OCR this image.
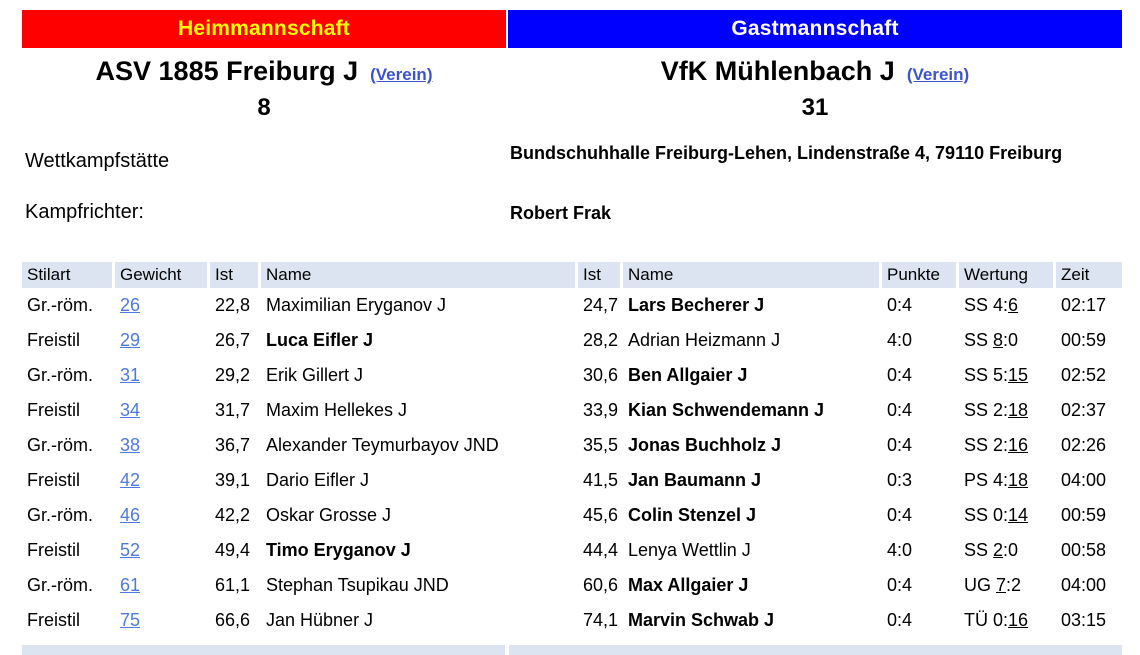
Heimmannschaft	Gastmannschaft
ASV 1885 Freiburg J (Verein)	VfK Mühlenbach J (Verein)
8	31
Wettkampfstätte	Bundschuhhalle Freiburg-Lehen, Lindenstraße 4, 79110 Freiburg
Kampfrichter:	Robert Frak
Stilart	Gewicht	Ist	Name	Ist	Name	Punkte	Wertung	Zeit
Gr.-röm.	26	22,8	Maximilian Eryganov J	24,7	Lars Becherer J	0:4	SS 4:6	02:17
Freistil	29	26,7	Luca Eifler J	28,2	Adrian Heizmann J	4:0	SS 8:0	00:59
Gr.-röm.	31	29,2	Erik Gillert J	30,6	Ben Allgaier J	0:4	SS 5:15	02:52
Freistil	34	31,7	Maxim Hellekes J	33,9	Kian Schwendemann J	0:4	SS 2:18	02:37
Gr.-röm.	38	36,7	Alexander Teymurbayov JND	35,5	Jonas Buchholz J	0:4	SS 2:16	02:26
Freistil	42	39,1	Dario Eifler J	41,5	Jan Baumann J	0:3	PS 4:18	04:00
Gr.-röm.	46	42,2	Oskar Grosse J	45,6	Colin Stenzel J	0:4	SS 0:14	00:59
Freistil	52	49,4	Timo Eryganov J	44,4	Lenya Wettlin J	4:0	SS 2:0	00:58
Gr.-röm.	61	61,1	Stephan Tsupikau JND	60,6	Max Allgaier J	0:4	UG 7:2	04:00
Freistil	75	66,6	Jan Hübner J	74,1	Marvin Schwab J	0:4	TÜ 0:16	03:15
